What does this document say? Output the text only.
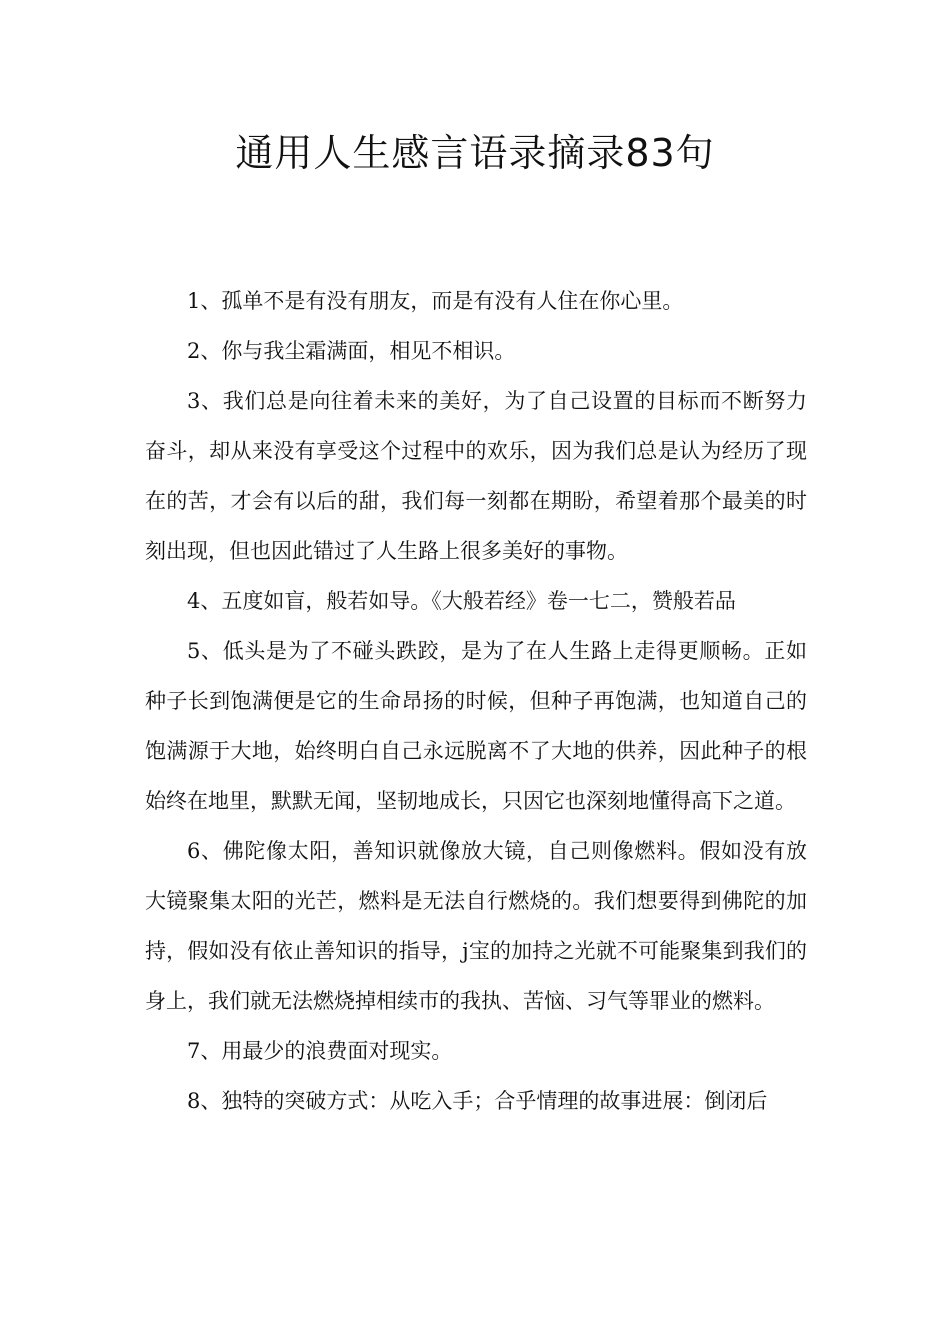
通用人生感言语录摘录83句

1、孤单不是有没有朋友，而是有没有人住在你心里。

2、你与我尘霜满面，相见不相识。

3、我们总是向往着未来的美好，为了自己设置的目标而不断努力奋斗，却从来没有享受这个过程中的欢乐，因为我们总是认为经历了现在的苦，才会有以后的甜，我们每一刻都在期盼，希望着那个最美的时刻出现，但也因此错过了人生路上很多美好的事物。

4、五度如盲，般若如导。《大般若经》卷一七二，赞般若品

5、低头是为了不碰头跌跤，是为了在人生路上走得更顺畅。正如种子长到饱满便是它的生命昂扬的时候，但种子再饱满，也知道自己的饱满源于大地，始终明白自己永远脱离不了大地的供养，因此种子的根始终在地里，默默无闻，坚韧地成长，只因它也深刻地懂得高下之道。

6、佛陀像太阳，善知识就像放大镜，自己则像燃料。假如没有放大镜聚集太阳的光芒，燃料是无法自行燃烧的。我们想要得到佛陀的加持，假如没有依止善知识的指导，j宝的加持之光就不可能聚集到我们的身上，我们就无法燃烧掉相续巿的我执、苦恼、习气等罪业的燃料。

7、用最少的浪费面对现实。

8、独特的突破方式：从吃入手；合乎情理的故事进展：倒闭后
